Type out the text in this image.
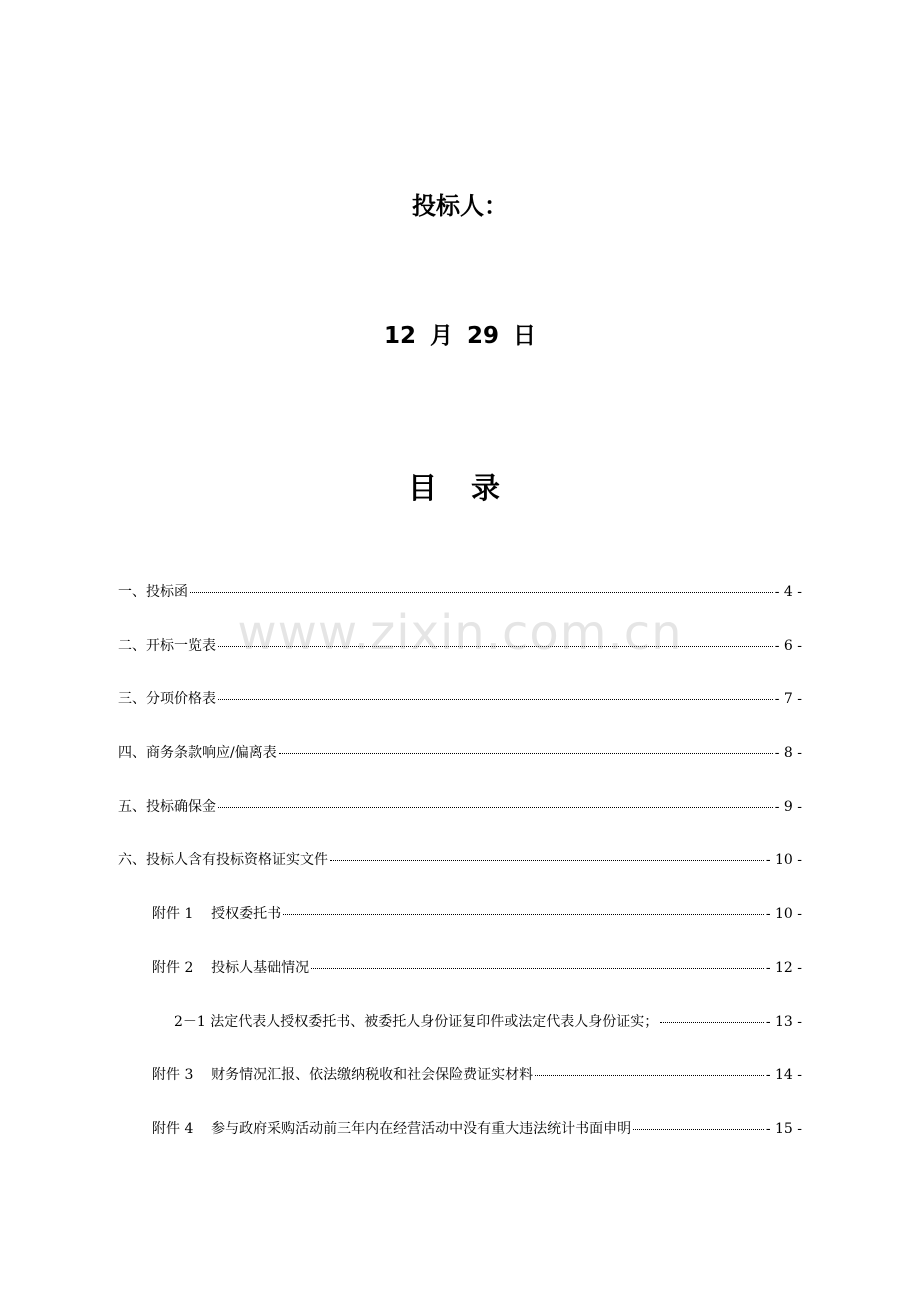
投标人：
12 月 29 日
目 录
一、投标函	- 4 -
二、开标一览表	- 6 -
三、分项价格表	- 7 -
四、商务条款响应/偏离表	- 8 -
五、投标确保金	- 9 -
六、投标人含有投标资格证实文件	- 10 -
附件 1    授权委托书	- 10 -
附件 2    投标人基础情况	- 12 -
2－1 法定代表人授权委托书、被委托人身份证复印件或法定代表人身份证实；	- 13 -
附件 3    财务情况汇报、依法缴纳税收和社会保险费证实材料	- 14 -
附件 4    参与政府采购活动前三年内在经营活动中没有重大违法统计书面申明	- 15 -
www.zixin.com.cn
